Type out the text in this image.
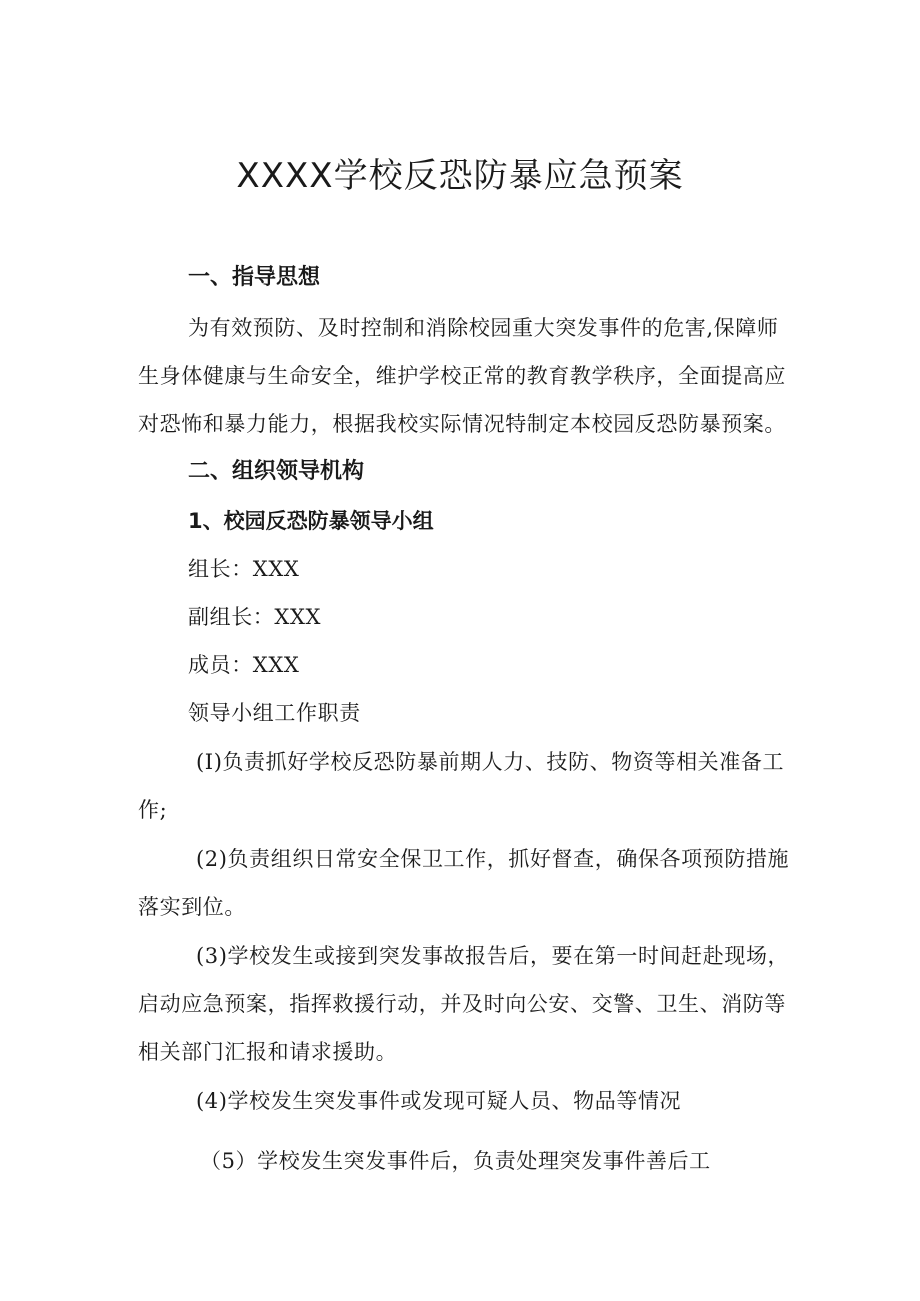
XXXX学校反恐防暴应急预案
一、指导思想
为有效预防、及时控制和消除校园重大突发事件的危害,保障师
生身体健康与生命安全，维护学校正常的教育教学秩序，全面提高应
对恐怖和暴力能力，根据我校实际情况特制定本校园反恐防暴预案。
二、组织领导机构
1、校园反恐防暴领导小组
组长：XXX
副组长：XXX
成员：XXX
领导小组工作职责
(I)负责抓好学校反恐防暴前期人力、技防、物资等相关准备工
作;
(2)负责组织日常安全保卫工作，抓好督查，确保各项预防措施
落实到位。
(3)学校发生或接到突发事故报告后，要在第一时间赶赴现场，
启动应急预案，指挥救援行动，并及时向公安、交警、卫生、消防等
相关部门汇报和请求援助。
(4)学校发生突发事件或发现可疑人员、物品等情况
（5）学校发生突发事件后，负责处理突发事件善后工
